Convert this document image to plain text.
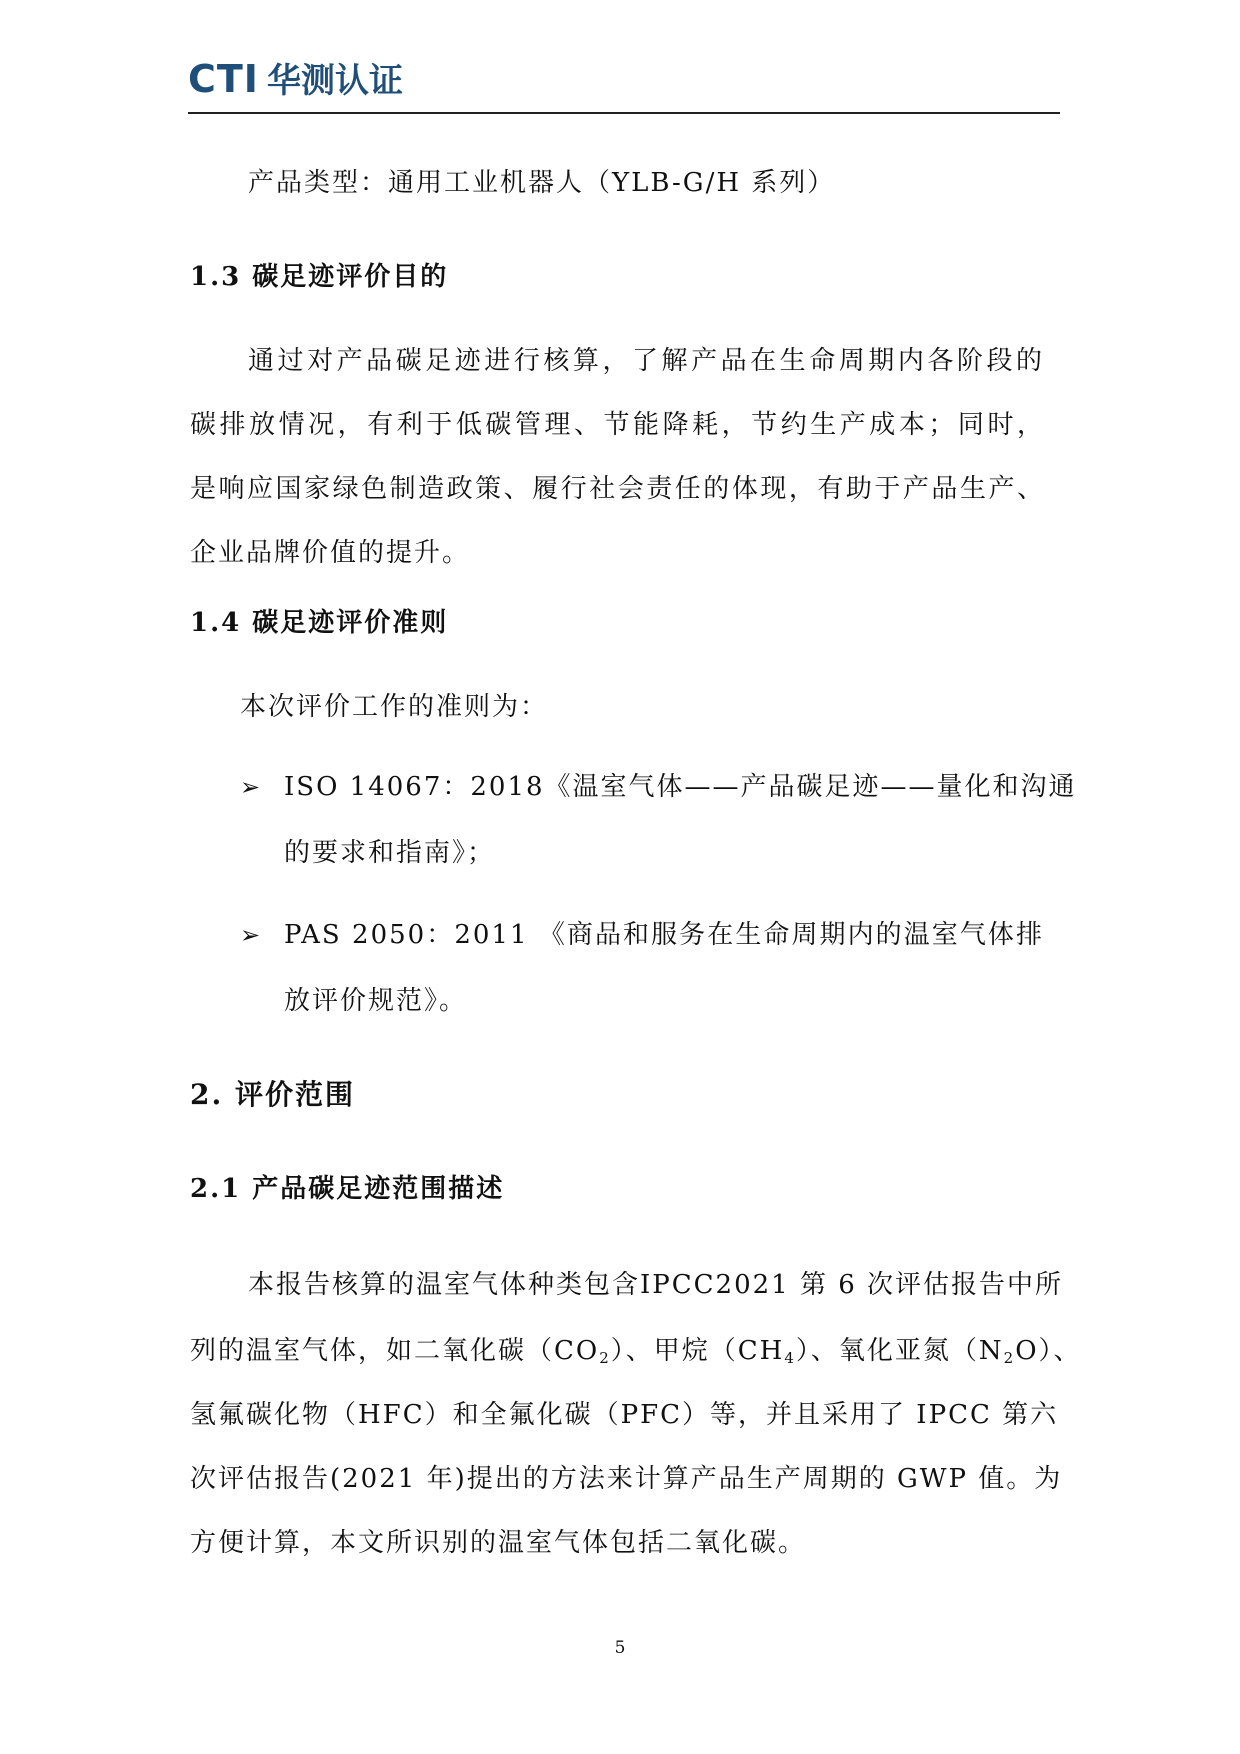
CTI 华测认证
产品类型：通用工业机器人（YLB-G/H 系列）
1.3 碳足迹评价目的
通过对产品碳足迹进行核算，了解产品在生命周期内各阶段的
碳排放情况，有利于低碳管理、节能降耗，节约生产成本；同时，
是响应国家绿色制造政策、履行社会责任的体现，有助于产品生产、
企业品牌价值的提升。
1.4 碳足迹评价准则
本次评价工作的准则为：
➢ ISO 14067：2018《温室气体——产品碳足迹——量化和沟通
的要求和指南》；
➢ PAS 2050：2011 《商品和服务在生命周期内的温室气体排
放评价规范》。
2. 评价范围
2.1 产品碳足迹范围描述
本报告核算的温室气体种类包含IPCC2021 第 6 次评估报告中所
列的温室气体，如二氧化碳$(CO_2)$、甲烷$(CH_4)$、氧化亚氮$(N_2O)$、
氢氟碳化物（HFC）和全氟化碳（PFC）等，并且采用了 IPCC 第六
次评估报告(2021 年)提出的方法来计算产品生产周期的 GWP 值。为
方便计算，本文所识别的温室气体包括二氧化碳。
5
